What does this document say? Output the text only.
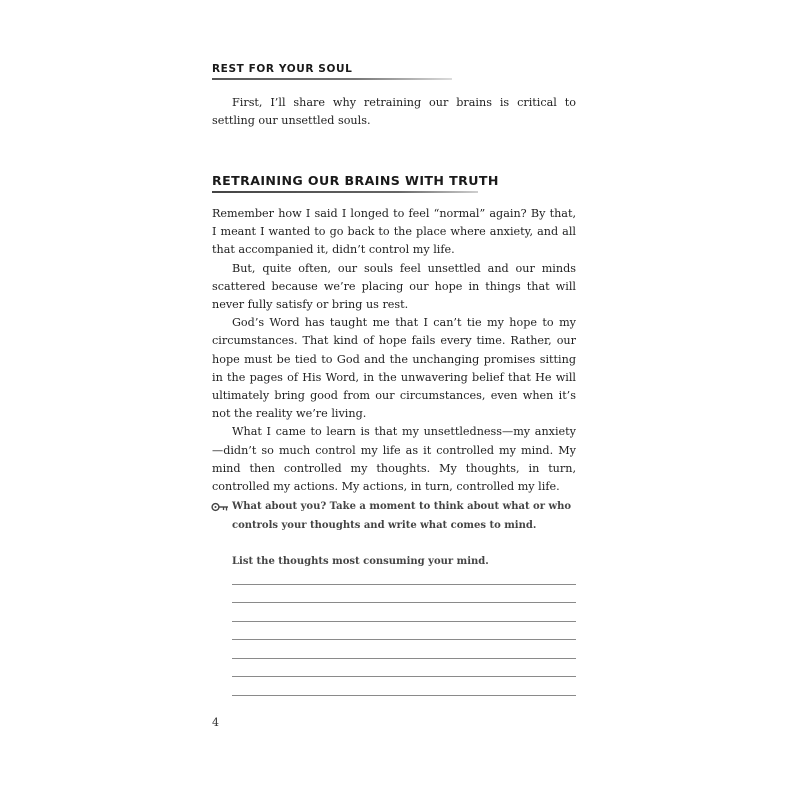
REST FOR YOUR SOUL

First, I’ll share why retraining our brains is critical to settling our unsettled souls.

RETRAINING OUR BRAINS WITH TRUTH

Remember how I said I longed to feel “normal” again? By that, I meant I wanted to go back to the place where anxiety, and all that accompanied it, didn’t control my life.

But, quite often, our souls feel unsettled and our minds scattered because we’re placing our hope in things that will never fully satisfy or bring us rest.

God’s Word has taught me that I can’t tie my hope to my circumstances. That kind of hope fails every time. Rather, our hope must be tied to God and the unchanging promises sitting in the pages of His Word, in the unwavering belief that He will ultimately bring good from our circumstances, even when it’s not the reality we’re living.

What I came to learn is that my unsettledness—my anxiety—didn’t so much control my life as it controlled my mind. My mind then controlled my thoughts. My thoughts, in turn, controlled my actions. My actions, in turn, controlled my life.

What about you? Take a moment to think about what or who controls your thoughts and write what comes to mind.
List the thoughts most consuming your mind.
4
